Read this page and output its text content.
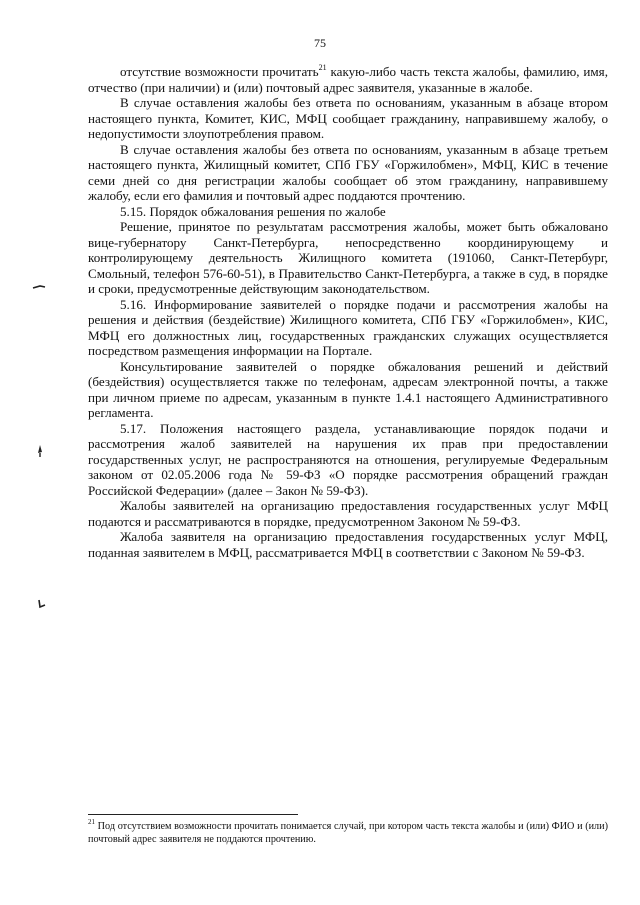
75

отсутствие возможности прочитать$^{21}$ какую-либо часть текста жалобы, фамилию, имя, отчество (при наличии) и (или) почтовый адрес заявителя, указанные в жалобе.

В случае оставления жалобы без ответа по основаниям, указанным в абзаце втором настоящего пункта, Комитет, КИС, МФЦ сообщает гражданину, направившему жалобу, о недопустимости злоупотребления правом.

В случае оставления жалобы без ответа по основаниям, указанным в абзаце третьем настоящего пункта, Жилищный комитет, СПб ГБУ «Горжилобмен», МФЦ, КИС в течение семи дней со дня регистрации жалобы сообщает об этом гражданину, направившему жалобу, если его фамилия и почтовый адрес поддаются прочтению.

5.15. Порядок обжалования решения по жалобе

Решение, принятое по результатам рассмотрения жалобы, может быть обжаловано вице-губернатору Санкт-Петербурга, непосредственно координирующему и контролирующему деятельность Жилищного комитета (191060, Санкт-Петербург, Смольный, телефон 576-60-51), в Правительство Санкт-Петербурга, а также в суд, в порядке и сроки, предусмотренные действующим законодательством.

5.16. Информирование заявителей о порядке подачи и рассмотрения жалобы на решения и действия (бездействие) Жилищного комитета, СПб ГБУ «Горжилобмен», КИС, МФЦ его должностных лиц, государственных гражданских служащих осуществляется посредством размещения информации на Портале.

Консультирование заявителей о порядке обжалования решений и действий (бездействия) осуществляется также по телефонам, адресам электронной почты, а также при личном приеме по адресам, указанным в пункте 1.4.1 настоящего Административного регламента.

5.17. Положения настоящего раздела, устанавливающие порядок подачи и рассмотрения жалоб заявителей на нарушения их прав при предоставлении государственных услуг, не распространяются на отношения, регулируемые Федеральным законом от 02.05.2006 года № 59-ФЗ «О порядке рассмотрения обращений граждан Российской Федерации» (далее – Закон № 59-ФЗ).

Жалобы заявителей на организацию предоставления государственных услуг МФЦ подаются и рассматриваются в порядке, предусмотренном Законом № 59-ФЗ.

Жалоба заявителя на организацию предоставления государственных услуг МФЦ, поданная заявителем в МФЦ, рассматривается МФЦ в соответствии с Законом № 59-ФЗ.

$^{21}$ Под отсутствием возможности прочитать понимается случай, при котором часть текста жалобы и (или) ФИО и (или) почтовый адрес заявителя не поддаются прочтению.
